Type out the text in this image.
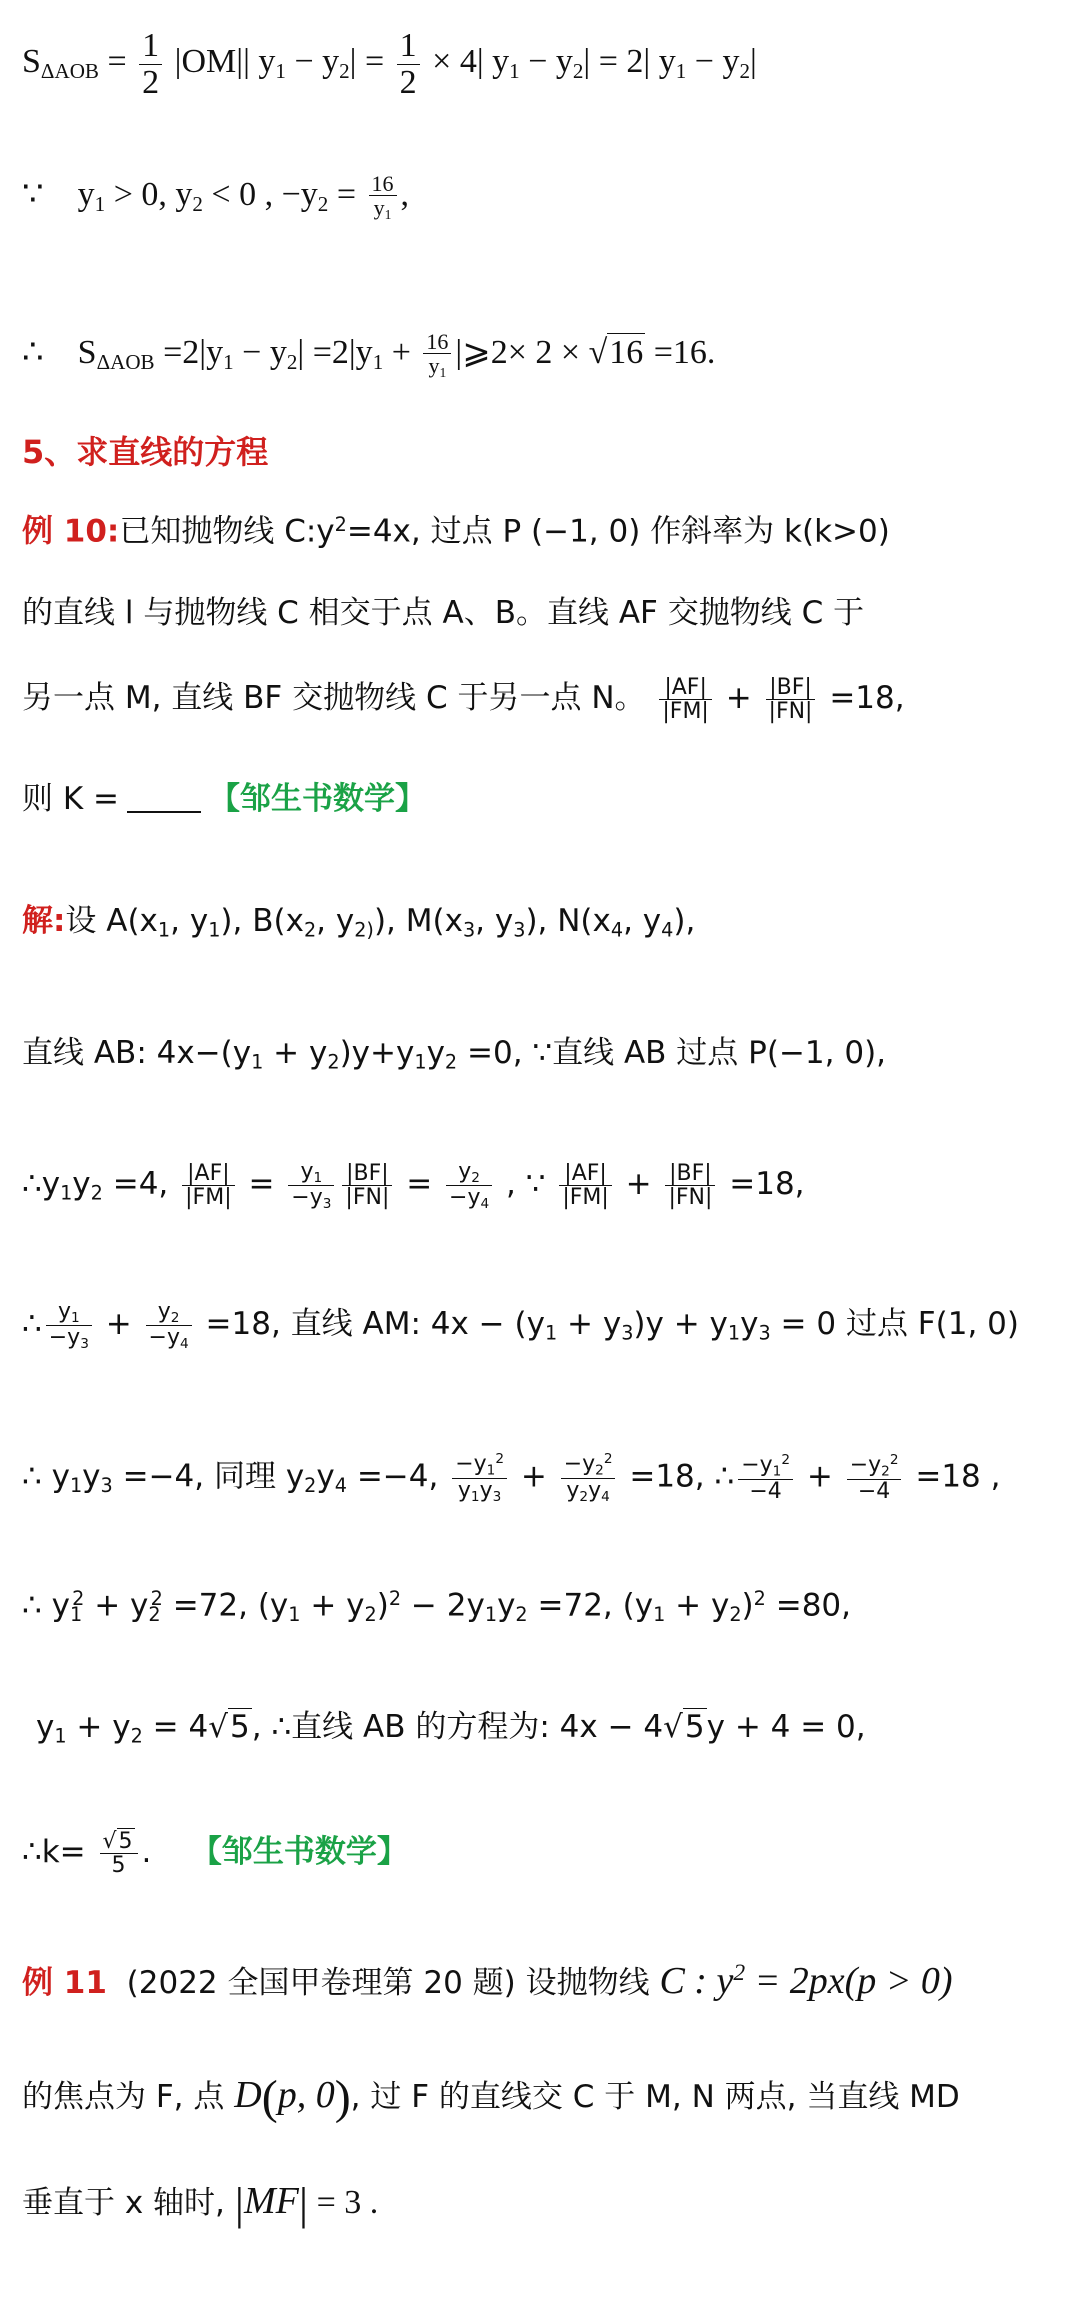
$S_{\Delta AOB} = \frac{1}{2} |OM||$ $y_1 - y_2| = \frac{1}{2} \times 4|$ $y_1 - y_2| = 2|$ $y_1 - y_2|$
∵ $y_1 > 0$, $y_2 < 0$ , $-y_2 = \frac{16}{y_1}$ ,
∴ $S_{\Delta AOB} =2|y_1 - y_2| =2|y_1 + \frac{16}{y_1}$ |⩾2× 2 × √16 =16.
5、求直线的方程
例 10:已知抛物线 $C:y^2=4x$, 过点 P (−1, 0) 作斜率为 k(k>0)
的直线 l 与抛物线 C 相交于点 A、B。直线 AF 交抛物线 C 于
另一点 M, 直线 BF 交抛物线 C 于另一点 N。 $\frac{|AF|}{|FM|} + \frac{|BF|}{|FN|} =18$,
则 K =	【邹生书数学】
解:设 $A(x_1$, $y_1$), $B(x_2$, $y_{2)}$), $M(x_3$, $y_3$), $N(x_4$, $y_4$),
直线 AB: $4x-(y_1 + y_2)y+y_1y_2 =0$, ∵直线 AB 过点 P(−1, 0),
$\therefore y_1y_2 =4$, $\frac{|AF|}{|FM|} = \frac{y_1}{-y_3} \frac{|BF|}{|FN|} = \frac{y_2}{-y_4}$ , ∵ $\frac{|AF|}{|FM|} + \frac{|BF|}{|FN|} =18$,
∴ $\frac{y_1}{-y_3} + \frac{y_2}{-y_4} =18$, 直线 AM: $4x - (y_1 + y_3)y + y_1y_3 = 0$ 过点 F(1, 0)
∴ $y_1y_3 =-4$, 同理 $y_2y_4 =-4$, $\frac{-y_1^2}{y_1y_3} + \frac{-y_2^2}{y_2y_4} =18$, ∴ $\frac{-y_1^2}{-4} + \frac{-y_2^2}{-4} =18$ ,
∴ $y_1^2 + y_2^2 =72$, $(y_1 + y_2)^2 - 2y_1y_2 =72$, $(y_1 + y_2)^2 =80$,
$y_1 + y_2 = 4√5$, ∴直线 AB 的方程为: 4x − 4√5y + 4 = 0,
∴k= $\frac{√5}{5}$ . 【邹生书数学】
例 11 (2022 全国甲卷理第 20 题) 设抛物线 C : $y^2 = 2px(p > 0)$
的焦点为 F, 点 D(p, 0), 过 F 的直线交 C 于 M, N 两点, 当直线 MD
垂直于 x 轴时, |MF| = 3 .
